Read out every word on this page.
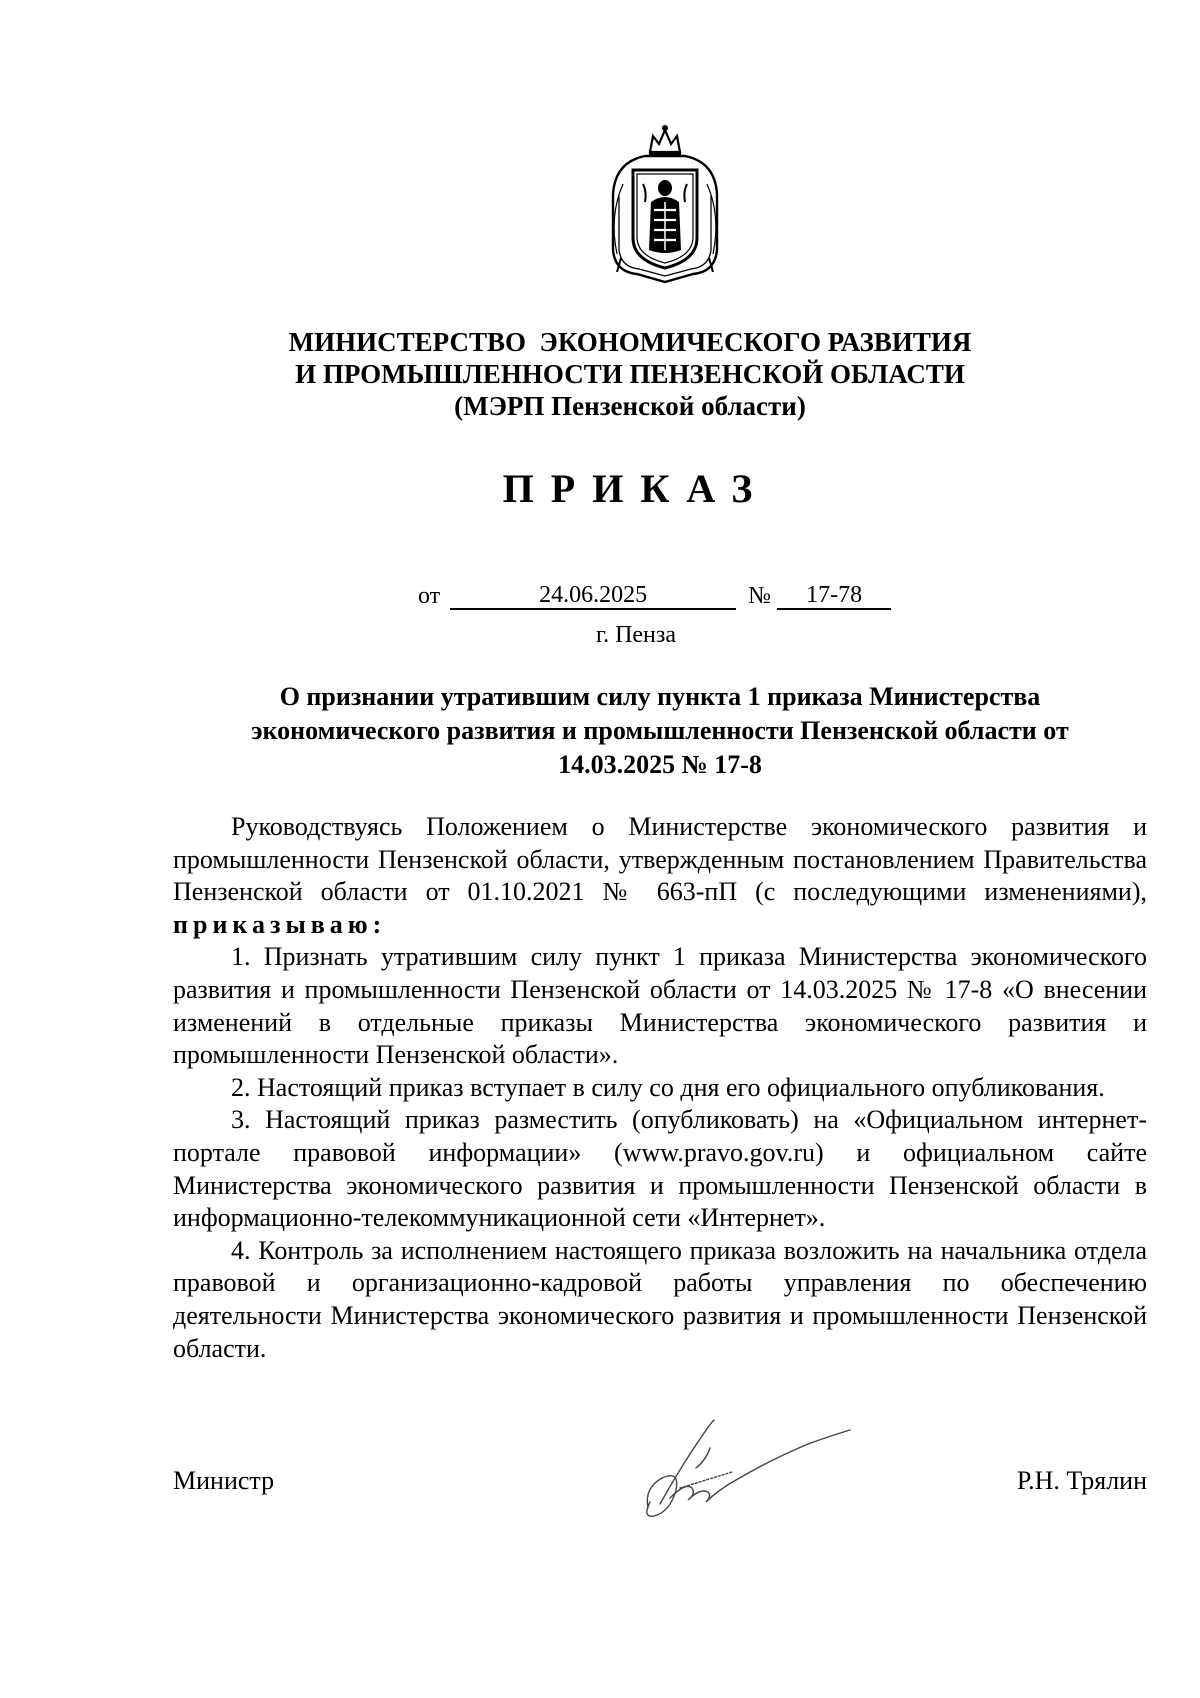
МИНИСТЕРСТВО  ЭКОНОМИЧЕСКОГО РАЗВИТИЯ
И ПРОМЫШЛЕННОСТИ ПЕНЗЕНСКОЙ ОБЛАСТИ
(МЭРП Пензенской области)
ПРИКАЗ
от	24.06.2025	№	17-78
г. Пенза
О признании утратившим силу пункта 1 приказа Министерства
экономического развития и промышленности Пензенской области от
14.03.2025 № 17-8

Руководствуясь Положением о Министерстве экономического развития и промышленности Пензенской области, утвержденным постановлением Правительства Пензенской области от 01.10.2021 № 663-пП (с последующими изменениями), приказываю:

1. Признать утратившим силу пункт 1 приказа Министерства экономического развития и промышленности Пензенской области от 14.03.2025 № 17-8 «О внесении изменений в отдельные приказы Министерства экономического развития и промышленности Пензенской области».

2. Настоящий приказ вступает в силу со дня его официального опубликования.

3. Настоящий приказ разместить (опубликовать) на «Официальном интернет-портале правовой информации» (www.pravo.gov.ru) и официальном сайте Министерства экономического развития и промышленности Пензенской области в информационно-телекоммуникационной сети «Интернет».

4. Контроль за исполнением настоящего приказа возложить на начальника отдела правовой и организационно-кадровой работы управления по обеспечению деятельности Министерства экономического развития и промышленности Пензенской области.

Министр	Р.Н. Трялин
